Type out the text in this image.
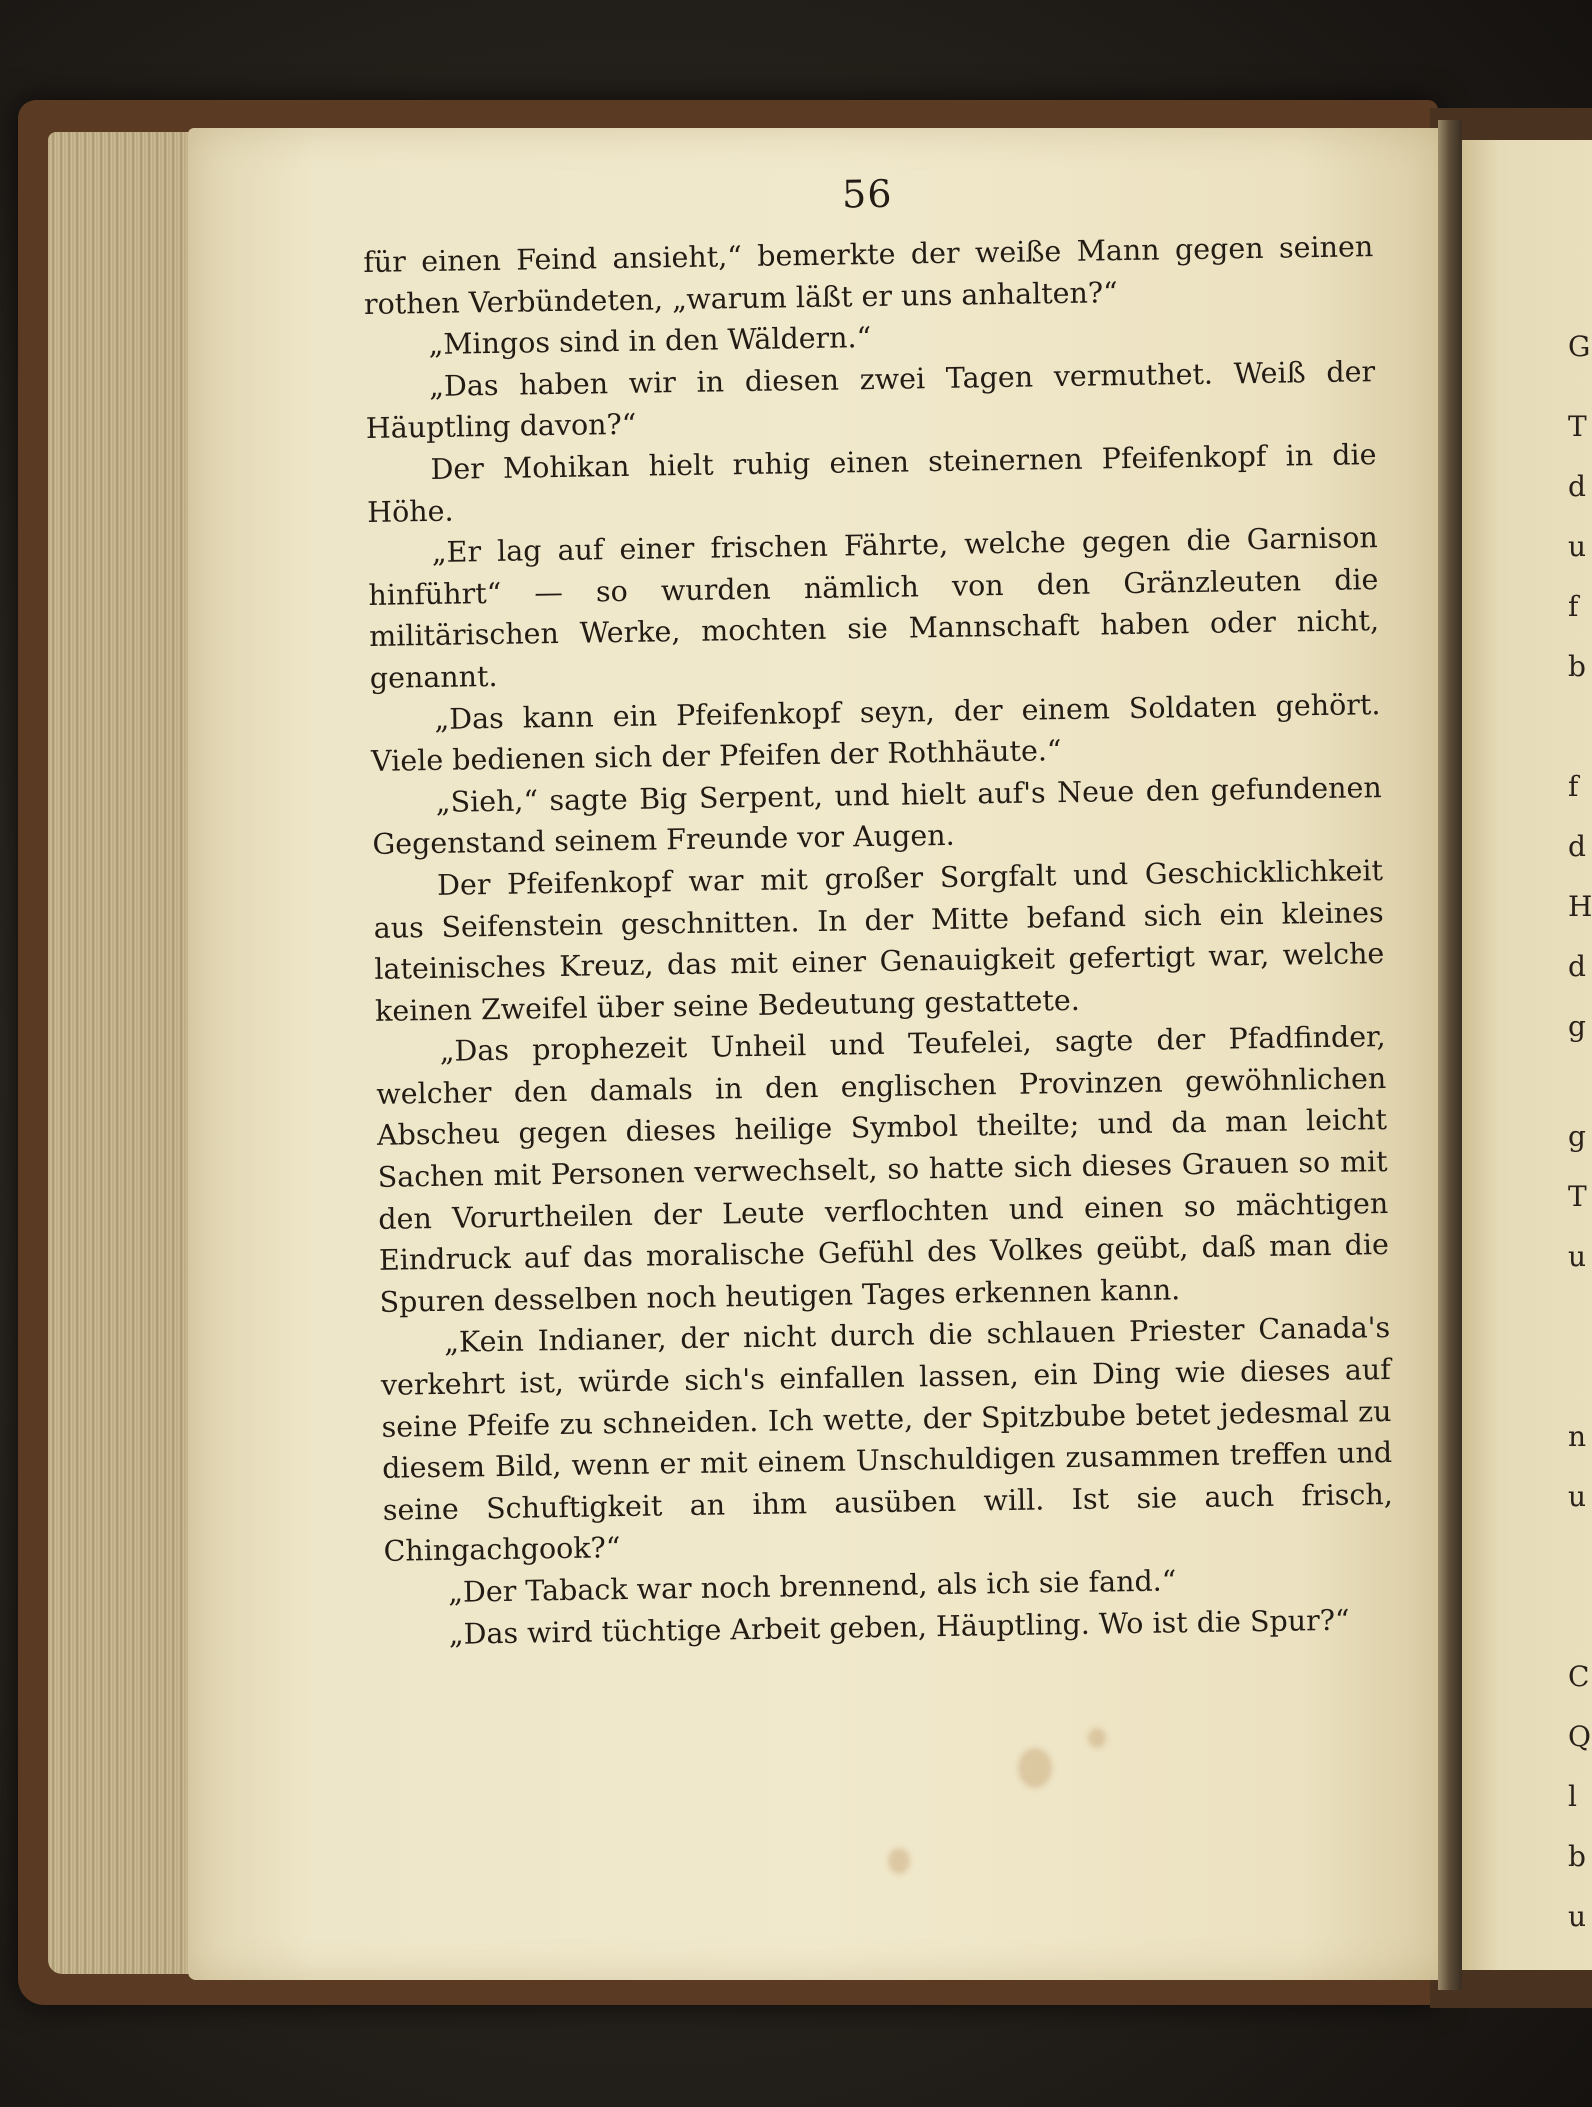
56

für einen Feind ansieht,“ bemerkte der weiße Mann gegen seinen rothen Verbündeten, „warum läßt er uns anhalten?“

„Mingos sind in den Wäldern.“

„Das haben wir in diesen zwei Tagen vermuthet. Weiß der Häuptling davon?“

Der Mohikan hielt ruhig einen steinernen Pfeifenkopf in die Höhe.

„Er lag auf einer frischen Fährte, welche gegen die Garnison hinführt“ — so wurden nämlich von den Gränzleuten die militärischen Werke, mochten sie Mannschaft haben oder nicht, genannt.

„Das kann ein Pfeifenkopf seyn, der einem Soldaten gehört. Viele bedienen sich der Pfeifen der Rothhäute.“

„Sieh,“ sagte Big Serpent, und hielt auf's Neue den gefundenen Gegenstand seinem Freunde vor Augen.

Der Pfeifenkopf war mit großer Sorgfalt und Geschicklichkeit aus Seifenstein geschnitten. In der Mitte befand sich ein kleines lateinisches Kreuz, das mit einer Genauigkeit gefertigt war, welche keinen Zweifel über seine Bedeutung gestattete.

„Das prophezeit Unheil und Teufelei, sagte der Pfadfinder, welcher den damals in den englischen Provinzen gewöhnlichen Abscheu gegen dieses heilige Symbol theilte; und da man leicht Sachen mit Personen verwechselt, so hatte sich dieses Grauen so mit den Vorurtheilen der Leute verflochten und einen so mächtigen Eindruck auf das moralische Gefühl des Volkes geübt, daß man die Spuren desselben noch heutigen Tages erkennen kann.

„Kein Indianer, der nicht durch die schlauen Priester Canada's verkehrt ist, würde sich's einfallen lassen, ein Ding wie dieses auf seine Pfeife zu schneiden. Ich wette, der Spitzbube betet jedesmal zu diesem Bild, wenn er mit einem Unschuldigen zusammen treffen und seine Schuftigkeit an ihm ausüben will. Ist sie auch frisch, Chingachgook?“

„Der Taback war noch brennend, als ich sie fand.“

„Das wird tüchtige Arbeit geben, Häuptling. Wo ist die Spur?“

G
T
d
u
f
b
f
d
H
d
g
g
T
u
n
u
C
Q
l
b
u
